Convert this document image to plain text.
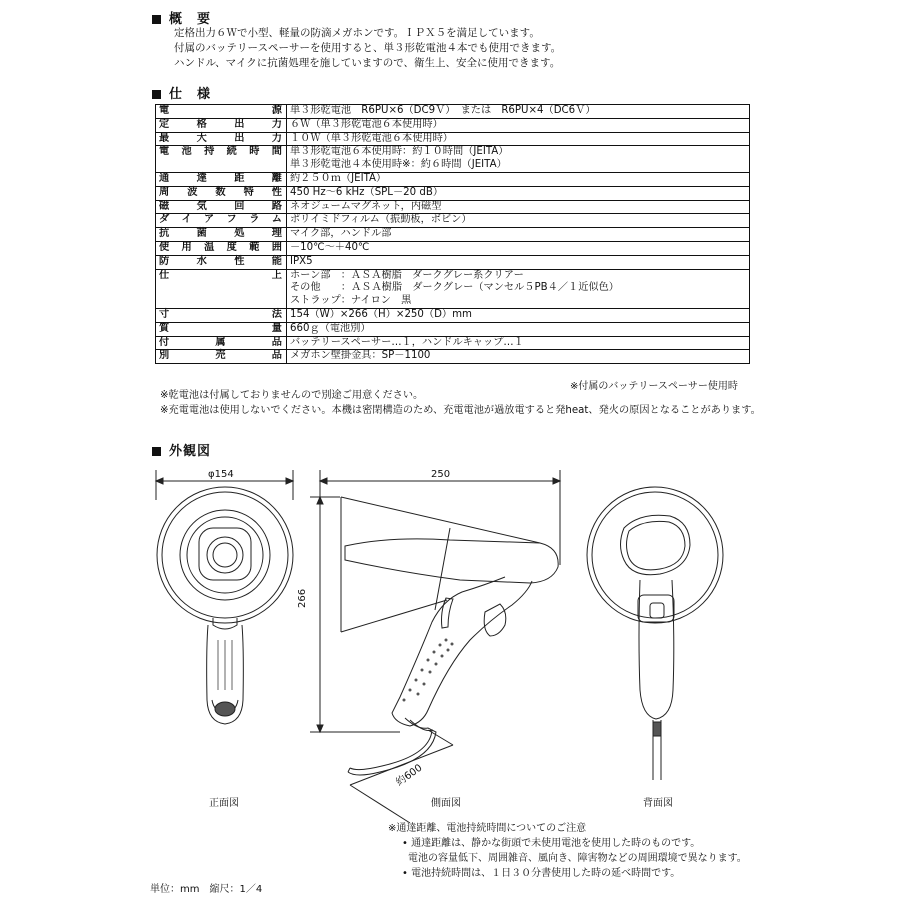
概　要
定格出力６Ｗで小型、軽量の防滴メガホンです。ＩＰＸ５を満足しています。
付属のバッテリースペーサーを使用すると、単３形乾電池４本でも使用できます。
ハンドル、マイクに抗菌処理を施していますので、衛生上、安全に使用できます。
仕　様
電源	単３形乾電池　R6PU×6（DC9Ｖ）　または　R6PU×4（DC6Ｖ）

定格出力	６Ｗ（単３形乾電池６本使用時）

最大出力	１０Ｗ（単３形乾電池６本使用時）

電池持続時間	単３形乾電池６本使用時：約１０時間（JEITA）
単３形乾電池４本使用時※：約６時間（JEITA）

通達距離	約２５０ｍ（JEITA）

周波数特性	450 Hz～6 kHz（SPL－20 dB）

磁気回路	ネオジュームマグネット，内磁型

ダイアフラム	ポリイミドフィルム（振動板，ボビン）

抗菌処理	マイク部，ハンドル部

使用温度範囲	－10℃～＋40℃

防水性能	IPX5

仕上	ホーン部　：ＡＳＡ樹脂　ダークグレー系クリアー
その他　　：ＡＳＡ樹脂　ダークグレー（マンセル５PB４／１近似色）
ストラップ：ナイロン　黒

寸法	154（W）×266（H）×250（D）mm

質量	660ｇ（電池別）

付属品	バッテリースペーサー…１，ハンドルキャップ…１

別売品	メガホン壁掛金具：SP－1100
※付属のバッテリースペーサー使用時
※乾電池は付属しておりませんので別途ご用意ください。
※充電電池は使用しないでください。本機は密閉構造のため、充電電池が過放電すると発heat、発火の原因となることがあります。
外観図
φ154	250
266
約600
正面図	側面図	背面図
※通達距離、電池持続時間についてのご注意
• 通達距離は、静かな街頭で未使用電池を使用した時のものです。
電池の容量低下、周囲雑音、風向き、障害物などの周囲環境で異なります。
• 電池持続時間は、１日３０分書使用した時の延べ時間です。
単位：mm　縮尺：1／4
